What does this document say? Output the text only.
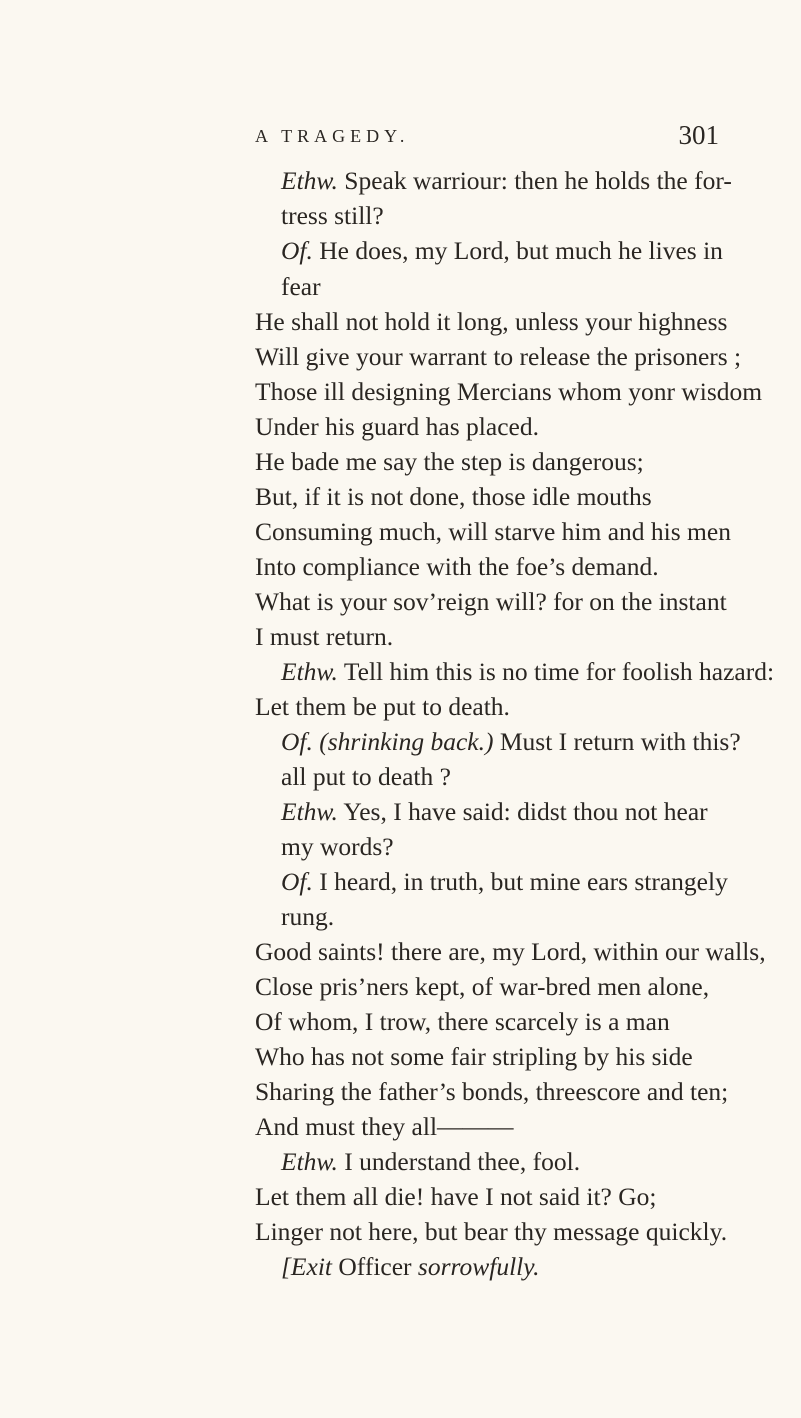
A TRAGEDY.	301
Ethw. Speak warriour: then he holds the for-
tress still?
Of. He does, my Lord, but much he lives in
fear
He shall not hold it long, unless your highness
Will give your warrant to release the prisoners ;
Those ill designing Mercians whom yonr wisdom
Under his guard has placed.
He bade me say the step is dangerous;
But, if it is not done, those idle mouths
Consuming much, will starve him and his men
Into compliance with the foe’s demand.
What is your sov’reign will? for on the instant
I must return.
Ethw. Tell him this is no time for foolish hazard:
Let them be put to death.
Of. (shrinking back.) Must I return with this?
all put to death ?
Ethw. Yes, I have said: didst thou not hear
my words?
Of. I heard, in truth, but mine ears strangely
rung.
Good saints! there are, my Lord, within our walls,
Close pris’ners kept, of war-bred men alone,
Of whom, I trow, there scarcely is a man
Who has not some fair stripling by his side
Sharing the father’s bonds, threescore and ten;
And must they all———
Ethw. I understand thee, fool.
Let them all die! have I not said it? Go;
Linger not here, but bear thy message quickly.
[Exit Officer sorrowfully.
